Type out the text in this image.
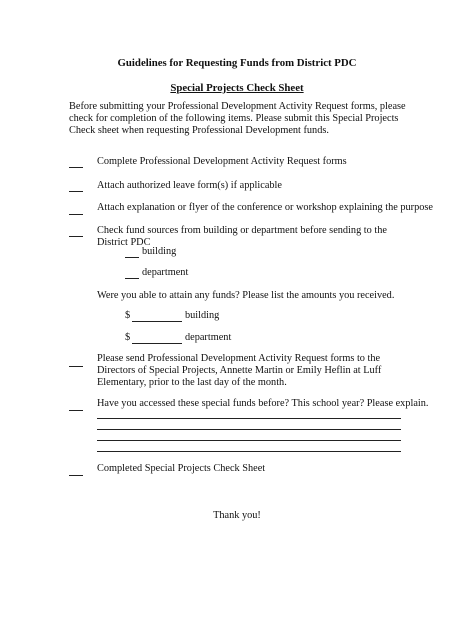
Guidelines for Requesting Funds from District PDC
Special Projects Check Sheet
Before submitting your Professional Development Activity Request forms, please check for completion of the following items. Please submit this Special Projects Check sheet when requesting Professional Development funds.
Complete Professional Development Activity Request forms
Attach authorized leave form(s) if applicable
Attach explanation or flyer of the conference or workshop explaining the purpose
Check fund sources from building or department before sending to the District PDC
building
department
Were you able to attain any funds? Please list the amounts you received.
$	building
$	department
Please send Professional Development Activity Request forms to the Directors of Special Projects, Annette Martin or Emily Heflin at Luff Elementary, prior to the last day of the month.
Have you accessed these special funds before? This school year? Please explain.
Completed Special Projects Check Sheet
Thank you!
